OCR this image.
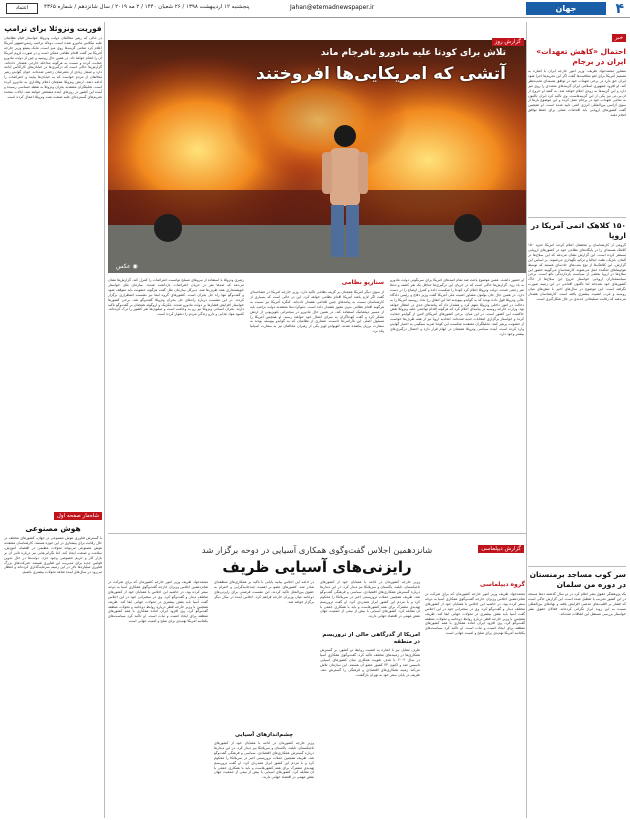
۴
جهان
Jahan@etemadnewspaper.ir
پنجشنبه ۱۲ اردیبهشت ۱۳۹۸ / ۲۶ شعبان ۱۴۴۰ / ۲ مه ۲۰۱۹ / سال شانزدهم / شماره ۴۳۶۵
اعتماد
خبر
احتمال «کاهش تعهدات» ایران در برجام
مشاور محمدجواد ظریف، وزیر امور خارجه ایران با اشاره به تصمیم آمریکا برای لغو معافیت‌ها گفت اگر این تحریم‌ها اجرا شود ایران حق دارد در برخی تعهدات خود در توافق هسته‌ای تجدیدنظر کند. او افزود جمهوری اسلامی ایران گزینه‌های متعددی را روی میز دارد و این گزینه‌ها به زودی اعلام خواهد شد. به گفته او خروج از ان.پی.تی نیز یکی از این گزینه‌هاست. وی تاکید کرد ایران تاکنون به تمامی تعهدات خود در برجام عمل کرده و این موضوع بارها از سوی آژانس بین‌المللی انرژی اتمی تایید شده است. او همچنین گفت کشورهای اروپایی باید اقدامات عملی برای حفظ توافق انجام دهند.
۱۵۰ کلاهک اتمی آمریکا در اروپا
گروهی از کارشناسان و محققان اعلام کردند آمریکا حدود ۱۵۰ کلاهک هسته‌ای را در پایگاه‌های نظامی خود در کشورهای اروپایی مستقر کرده است. این گزارش نشان می‌دهد که این سلاح‌ها در آلمان، بلژیک، هلند، ایتالیا و ترکیه نگهداری می‌شوند. بر اساس این گزارش، این کلاهک‌ها از نوع بمب‌های جاذبه‌ای هستند که توسط هواپیماهای جنگنده حمل می‌شوند. کارشناسان می‌گویند حضور این سلاح‌ها در اروپا بخشی از سیاست بازدارندگی ناتو است. برخی سیاستمداران اروپایی خواستار خروج این سلاح‌ها از خاک کشورهای خود شده‌اند اما تاکنون اقدامی در این زمینه صورت نگرفته است. این موضوع در سال‌های اخیر با تنش‌های میان روسیه و غرب اهمیت بیشتری یافته است. کارشناسان هشدار می‌دهند که رقابت تسلیحاتی جدیدی در حال شکل‌گیری است.
سر کوب مساجد برمنستان در دوره من سلمان
یک پژوهشگر حقوق بشر اعلام کرد در دو سال گذشته ده‌ها مسجد در این کشور تخریب یا تعطیل شده است. این گزارش حاکی است که فشار بر اقلیت‌های مذهبی افزایش یافته و نهادهای بین‌المللی نسبت به این روند ابراز نگرانی کرده‌اند. فعالان حقوق بشر خواستار بررسی مستقل این اتفاقات شده‌اند.
فوریت ونزوئلا برای ترامپ
در حالی که رهبر مخالفان دولت ونزوئلا خواستار قیام نظامیان علیه نیکلاس مادورو شده است، دونالد ترامپ رئیس‌جمهور آمریکا اعلام کرد تمامی گزینه‌ها روی میز است. مایک پمپئو وزیر خارجه آمریکا نیز گفت اقدام نظامی ممکن است و در صورت لزوم آمریکا آن را انجام خواهد داد. در همین حال روسیه و چین از دولت مادورو حمایت کرده و نسبت به هرگونه مداخله خارجی هشدار داده‌اند. گزارش‌ها حاکی است که درگیری‌ها در خیابان‌های کاراکاس ادامه دارد و شمار زیادی از معترضان زخمی شده‌اند. خوان گوایدو رهبر مخالفان از مردم خواست که به خیابان‌ها بیایند و اعتراضات را ادامه دهند. ارتش ونزوئلا همچنان اعلام وفاداری به مادورو کرده است. تحلیلگران معتقدند بحران ونزوئلا به نقطه حساسی رسیده و آینده این کشور در روزهای آینده مشخص خواهد شد. ایالات متحده تحریم‌های گسترده‌ای علیه صنعت نفت ونزوئلا اعمال کرده است.
شاه‌مار صفحه اول
هوش مصنوعی
با گسترش فناوری هوش مصنوعی در جهان، کشورهای مختلف در حال رقابت برای پیشتازی در این حوزه هستند. کارشناسان معتقدند هوش مصنوعی می‌تواند تحولات عظیمی در اقتصاد، آموزش، سلامت و صنعت ایجاد کند. اما نگرانی‌هایی نیز درباره تاثیر آن بر بازار کار و حریم خصوصی وجود دارد. دولت‌ها در حال تدوین قوانین جدید برای مدیریت این فناوری هستند. شرکت‌های بزرگ فناوری میلیاردها دلار در این زمینه سرمایه‌گذاری کرده‌اند و انتظار می‌رود در سال‌های آینده شاهد تحولات بیشتری باشیم.
تلاش برای کودتا علیه مادورو نافرجام ماند
آتشی که امریکایی‌ها افروختند
◉ عکس
گزارش روز
او حضور داشت. همین موضوع باعث شد تمام امیدهای آمریکا برای سرنگونی دولت مادورو به باد رود. گزارش‌ها حاکی است که در جریان این درگیری‌ها حداقل یک نفر کشته و ده‌ها نفر زخمی شدند. دولت ونزوئلا اعلام کرد کودتا را شکست داده و کنترل اوضاع را در دست دارد. در همین حال جان بولتون مشاور امنیت ملی آمریکا گفت وزیر دفاع و رئیس دادگاه عالی ونزوئلا قول داده بودند که به گوایدو بپیوندند اما این اتفاق رخ نداد. روسیه آمریکا را به دخالت در امور داخلی ونزوئلا متهم کرد و هشدار داد که پیامدهای جدی در انتظار خواهد بود. وزارت خارجه روسیه در بیانیه‌ای اعلام کرد که هرگونه اقدام تهاجمی علیه ونزوئلا نقض حاکمیت این کشور است. در این میان، برخی کشورهای آمریکای لاتین از گوایدو حمایت کرده و خواستار برگزاری انتخابات جدید شده‌اند. اتحادیه اروپا نیز از همه طرف‌ها خواست از خشونت پرهیز کنند. تحلیلگران معتقدند شکست این کودتا ضربه سنگینی به اعتبار گوایدو وارد کرده است. آینده سیاسی ونزوئلا همچنان در ابهام قرار دارد و احتمال درگیری‌های بیشتر وجود دارد.
سناریو نظامی
از سوی دیگر آمریکا همچنان بر گزینه نظامی تاکید دارد. وزیر خارجه آمریکا در مصاحبه‌ای گفت اگر لازم باشد آمریکا اقدام نظامی خواهد کرد. این در حالی است که بسیاری از کارشناسان نسبت به پیامدهای چنین اقدامی هشدار داده‌اند. کنگره آمریکا نیز نسبت به هرگونه اقدام نظامی بدون مجوز هشدار داده است. دموکرات‌ها معتقدند دولت ترامپ باید از مسیر دیپلماتیک استفاده کند. در همین حال مادورو در سخنرانی تلویزیونی از ارتش تشکر کرد و گفت کودتاگران به سزای اعمال خود خواهند رسید. او همچنین آمریکا را مسئول اصلی این ناآرامی‌ها دانست. شماری از نظامیان که به گوایدو پیوسته بودند به سفارت برزیل پناهنده شدند. لئوپولدو لوپز یکی از رهبران مخالفان نیز به سفارت اسپانیا پناه برد.
رهبری ونزوئلا با استفاده از نیروهای مسلح توانست اعتراضات را کنترل کند. گزارش‌ها نشان می‌دهد که صدها نفر در جریان اعتراضات بازداشت شدند. سازمان ملل خواستار خویشتنداری همه طرف‌ها شد. دبیرکل سازمان ملل گفت هرگونه خشونت باید متوقف شود و گفت‌وگو تنها راه حل بحران است. کشورهای گروه لیما نیز نشست اضطراری برگزار کردند. در این نشست درباره راه‌های حل بحران ونزوئلا گفت‌وگو شد. برخی کشورها خواستار افزایش فشارها بر دولت مادورو شدند. مکزیک و اروگوئه همچنان بر گفت‌وگو تاکید دارند. بحران انسانی ونزوئلا نیز رو به وخامت است و میلیون‌ها نفر کشور را ترک کرده‌اند. کمبود مواد غذایی و دارو زندگی مردم را دشوار کرده است.
گزارش دیپلماسی
شانزدهمین اجلاس گفت‌وگوی همکاری آسیایی در دوحه برگزار شد
رایزنی‌های آسیایی ظریف
گروه دیپلماسی
محمدجواد ظریف وزیر امور خارجه کشورمان که برای شرکت در شانزدهمین اجلاس وزیران خارجه گفت‌وگوی همکاری آسیا به دوحه سفر کرده بود، در حاشیه این اجلاس با همتایان خود از کشورهای مختلف دیدار و گفت‌وگو کرد. وی در سخنرانی خود در این اجلاس گفت آسیا باید نقش بیشتری در تحولات جهانی ایفا کند. ظریف همچنین با وزیر خارجه قطر درباره روابط دوجانبه و تحولات منطقه گفت‌وگو کرد. وی افزود ایران آماده همکاری با همه کشورهای منطقه برای ایجاد امنیت و ثبات است. او تاکید کرد سیاست‌های یکجانبه آمریکا تهدیدی برای صلح و امنیت جهانی است.
وزیر خارجه کشورمان در ادامه با همتایان خود از کشورهای تاجیکستان، تایلند، پاکستان و سریلانکا نیز دیدار کرد. در این دیدارها درباره گسترش همکاری‌های اقتصادی، سیاسی و فرهنگی گفت‌وگو شد. ظریف همچنین حملات تروریستی اخیر در سریلانکا را محکوم کرد و با مردم این کشور ابراز همدردی کرد. او گفت تروریسم تهدیدی مشترک برای همه کشورهاست و باید با همکاری جمعی با آن مقابله کرد. کشورهای آسیایی با بیش از نیمی از جمعیت جهان نقش مهمی در اقتصاد جهانی دارند.
امریکا از گذرگاهی خالی از تروریسم در منطقه
طرف مقابل نیز با اشاره به اهمیت روابط دو کشور، بر گسترش همکاری‌ها در زمینه‌های مختلف تاکید کرد. گفت‌وگوی همکاری آسیا در سال ۲۰۰۲ با هدف تقویت همکاری میان کشورهای آسیایی تاسیس شد و اکنون ۳۴ کشور عضو آن هستند. این سازمان تلاش می‌کند زمینه همکاری‌های اقتصادی و فرهنگی را گسترش دهد. ظریف در پایان سفر خود به تهران بازگشت.
در ادامه این اجلاس بیانیه پایانی با تاکید بر همکاری‌های منطقه‌ای صادر شد. کشورهای عضو بر اهمیت چندجانبه‌گرایی و احترام به حقوق بین‌الملل تاکید کردند. این نشست فرصتی برای رایزنی‌های دوجانبه میان وزیران خارجه فراهم کرد. اجلاس آینده در سال دیگر برگزار خواهد شد.
چشم‌اندازهای آسیایی
وزیر خارجه کشورمان در ادامه با همتایان خود از کشورهای تاجیکستان، تایلند، پاکستان و سریلانکا نیز دیدار کرد. در این دیدارها درباره گسترش همکاری‌های اقتصادی، سیاسی و فرهنگی گفت‌وگو شد. ظریف همچنین حملات تروریستی اخیر در سریلانکا را محکوم کرد و با مردم این کشور ابراز همدردی کرد. او گفت تروریسم تهدیدی مشترک برای همه کشورهاست و باید با همکاری جمعی با آن مقابله کرد. کشورهای آسیایی با بیش از نیمی از جمعیت جهان نقش مهمی در اقتصاد جهانی دارند.
محمدجواد ظریف وزیر امور خارجه کشورمان که برای شرکت در شانزدهمین اجلاس وزیران خارجه گفت‌وگوی همکاری آسیا به دوحه سفر کرده بود، در حاشیه این اجلاس با همتایان خود از کشورهای مختلف دیدار و گفت‌وگو کرد. وی در سخنرانی خود در این اجلاس گفت آسیا باید نقش بیشتری در تحولات جهانی ایفا کند. ظریف همچنین با وزیر خارجه قطر درباره روابط دوجانبه و تحولات منطقه گفت‌وگو کرد. وی افزود ایران آماده همکاری با همه کشورهای منطقه برای ایجاد امنیت و ثبات است. او تاکید کرد سیاست‌های یکجانبه آمریکا تهدیدی برای صلح و امنیت جهانی است.
